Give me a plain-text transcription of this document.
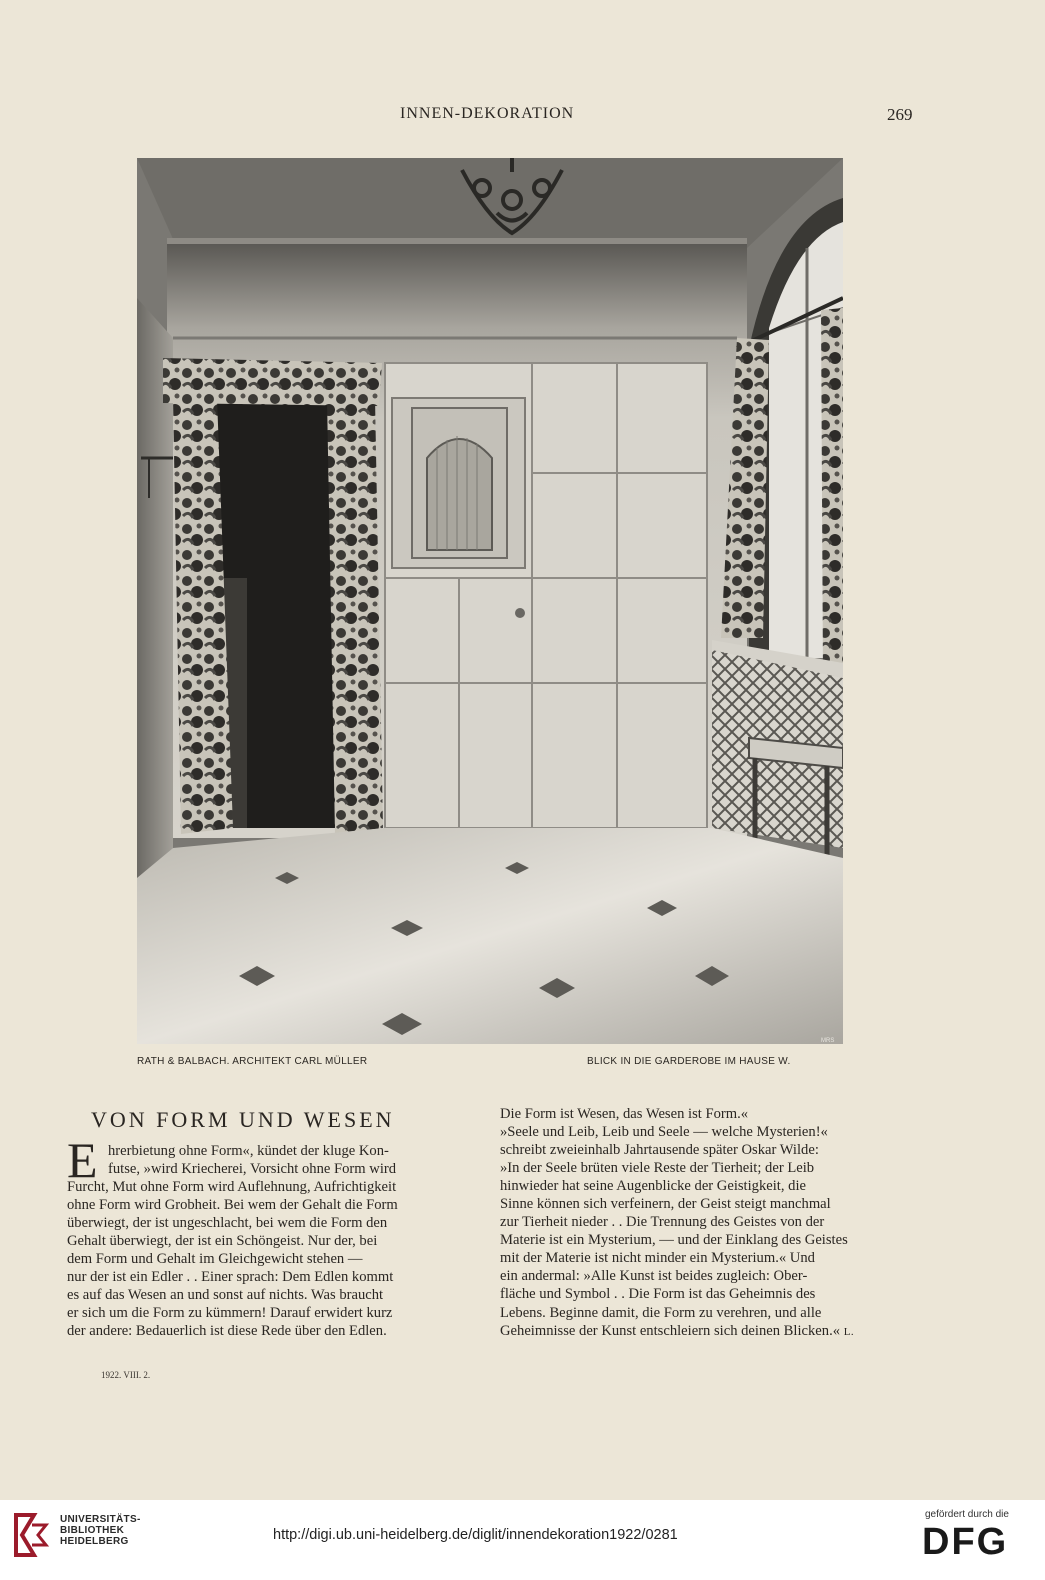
INNEN-DEKORATION	269
MRS
RATH & BALBACH. ARCHITEKT CARL MÜLLER	BLICK IN DIE GARDEROBE IM HAUSE W.
VON FORM UND WESEN
E hrerbietung ohne Form«, kündet der kluge Kon-
futse, »wird Kriecherei, Vorsicht ohne Form wird
Furcht, Mut ohne Form wird Auflehnung, Aufrichtigkeit
ohne Form wird Grobheit. Bei wem der Gehalt die Form
überwiegt, der ist ungeschlacht, bei wem die Form den
Gehalt überwiegt, der ist ein Schöngeist. Nur der, bei
dem Form und Gehalt im Gleichgewicht stehen —
nur der ist ein Edler . . Einer sprach: Dem Edlen kommt
es auf das Wesen an und sonst auf nichts. Was braucht
er sich um die Form zu kümmern! Darauf erwidert kurz
der andere: Bedauerlich ist diese Rede über den Edlen.
Die Form ist Wesen, das Wesen ist Form.«
»Seele und Leib, Leib und Seele — welche Mysterien!«
schreibt zweieinhalb Jahrtausende später Oskar Wilde:
»In der Seele brüten viele Reste der Tierheit; der Leib
hinwieder hat seine Augenblicke der Geistigkeit, die
Sinne können sich verfeinern, der Geist steigt manchmal
zur Tierheit nieder . . Die Trennung des Geistes von der
Materie ist ein Mysterium, — und der Einklang des Geistes
mit der Materie ist nicht minder ein Mysterium.« Und
ein andermal: »Alle Kunst ist beides zugleich: Ober-
fläche und Symbol . . Die Form ist das Geheimnis des
Lebens. Beginne damit, die Form zu verehren, und alle
Geheimnisse der Kunst entschleiern sich deinen Blicken.« L.
1922. VIII. 2.
UNIVERSITÄTS-
BIBLIOTHEK
HEIDELBERG	http://digi.ub.uni-heidelberg.de/diglit/innendekoration1922/0281
gefördert durch die
DFG
